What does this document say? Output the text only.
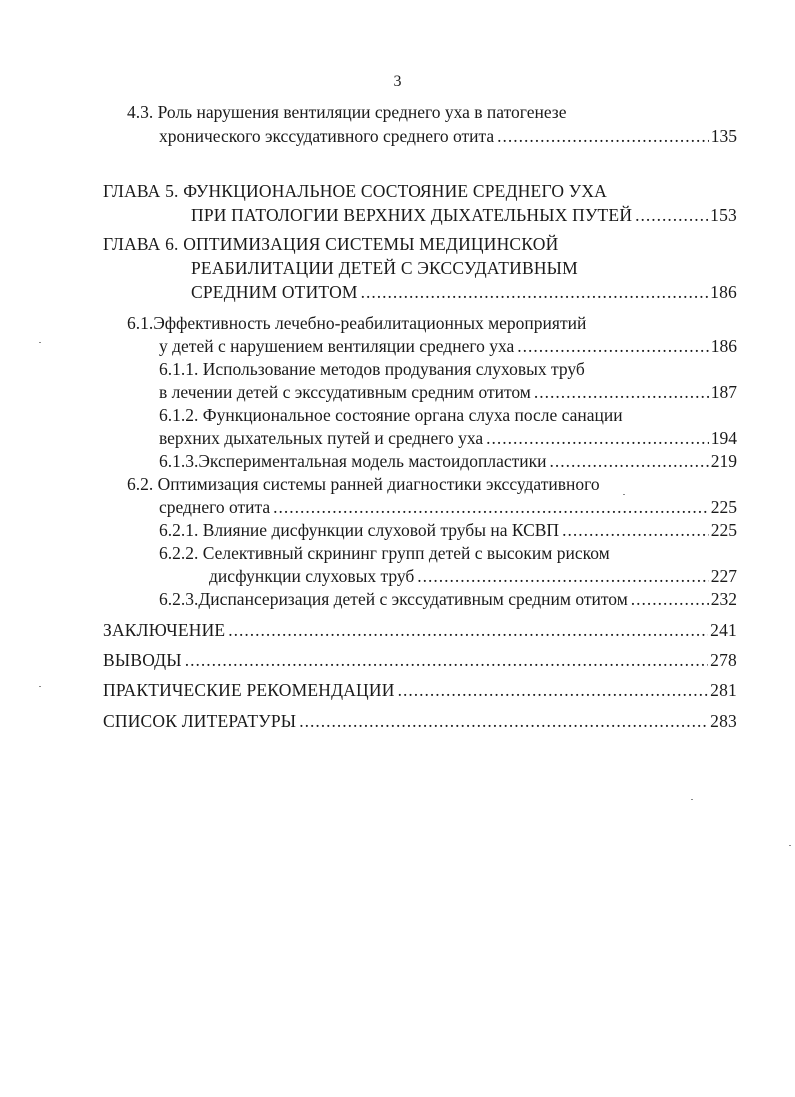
3
4.3. Роль нарушения вентиляции среднего уха в патогенезе
хронического экссудативного среднего отита .....	135
ГЛАВА 5. ФУНКЦИОНАЛЬНОЕ СОСТОЯНИЕ СРЕДНЕГО УХА
ПРИ ПАТОЛОГИИ ВЕРХНИХ ДЫХАТЕЛЬНЫХ ПУТЕЙ .....	153
ГЛАВА 6. ОПТИМИЗАЦИЯ СИСТЕМЫ МЕДИЦИНСКОЙ
РЕАБИЛИТАЦИИ ДЕТЕЙ С ЭКССУДАТИВНЫМ
СРЕДНИМ ОТИТОМ .....	186
6.1.Эффективность лечебно-реабилитационных мероприятий
у детей с нарушением вентиляции среднего уха .....	186
6.1.1. Использование методов продувания слуховых труб
в лечении детей с экссудативным средним отитом .....	187
6.1.2. Функциональное состояние органа слуха после санации
верхних дыхательных путей и среднего уха .....	194
6.1.3.Экспериментальная модель мастоидопластики .....	219
6.2. Оптимизация системы ранней диагностики экссудативного
среднего отита .....	225
6.2.1. Влияние дисфункции слуховой трубы на КСВП .....	225
6.2.2. Селективный скрининг групп детей с высоким риском
дисфункции слуховых труб .....	227
6.2.3.Диспансеризация детей с экссудативным средним отитом .....	232
ЗАКЛЮЧЕНИЕ .....	241
ВЫВОДЫ .....	278
ПРАКТИЧЕСКИЕ РЕКОМЕНДАЦИИ .....	281
СПИСОК ЛИТЕРАТУРЫ .....	283
